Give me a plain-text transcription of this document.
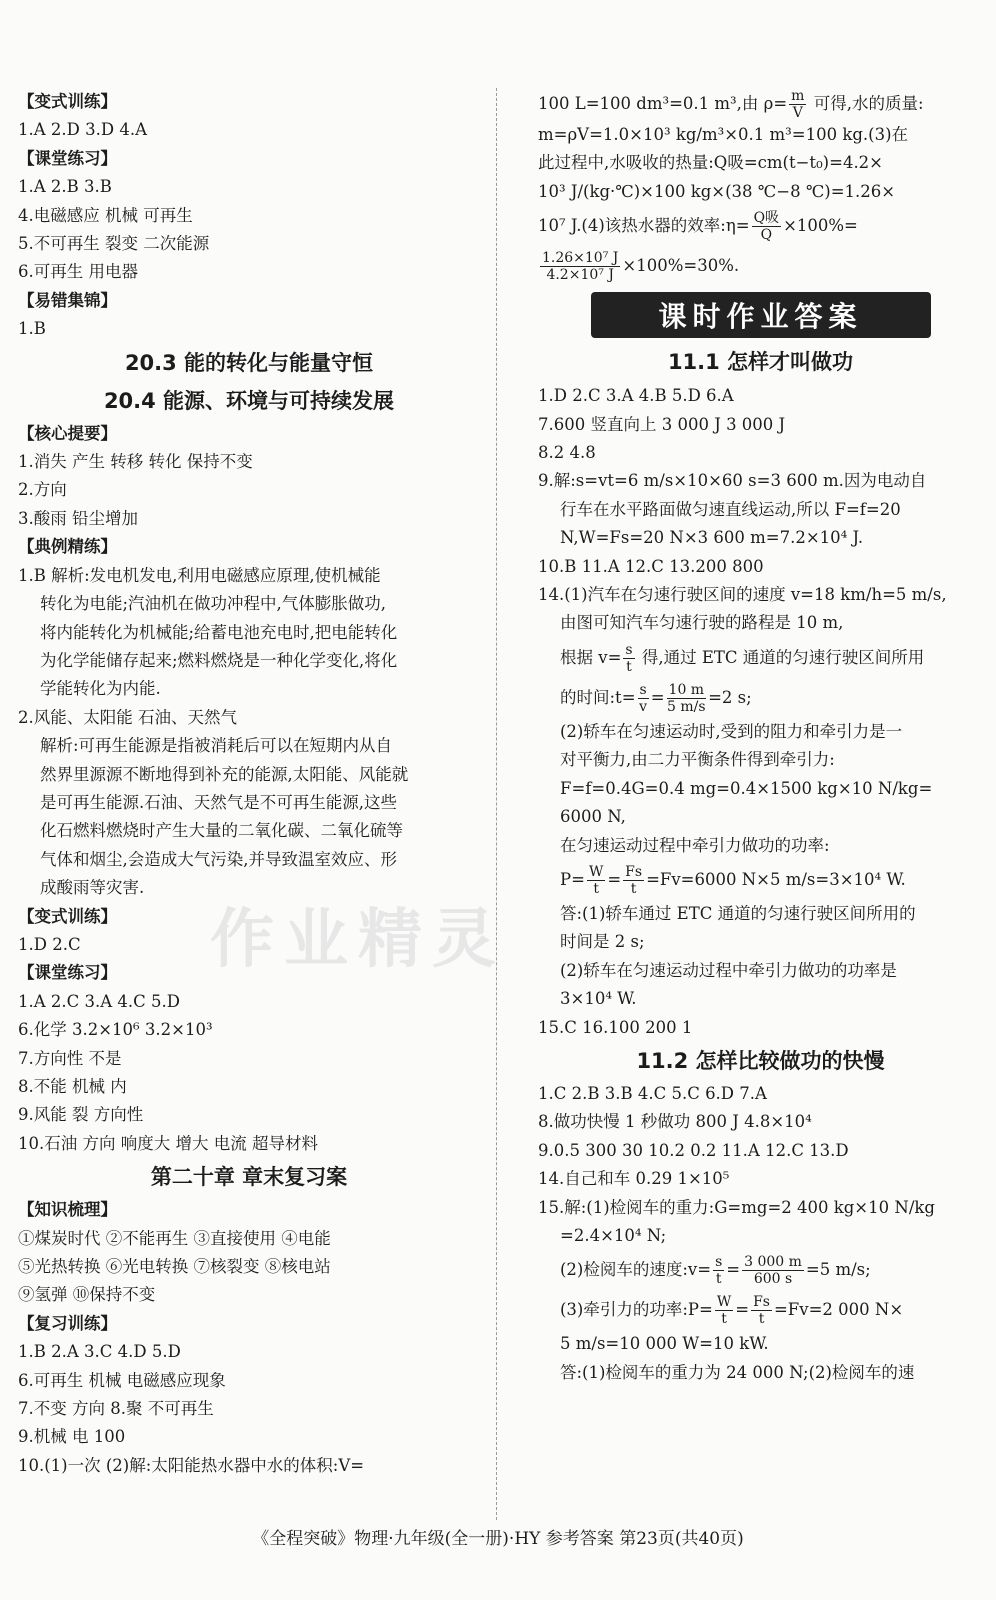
【变式训练】
1.A 2.D 3.D 4.A
【课堂练习】
1.A 2.B 3.B
4.电磁感应 机械 可再生
5.不可再生 裂变 二次能源
6.可再生 用电器
【易错集锦】
1.B
20.3 能的转化与能量守恒
20.4 能源、环境与可持续发展
【核心提要】
1.消失 产生 转移 转化 保持不变
2.方向
3.酸雨 铅尘增加
【典例精练】
1.B 解析:发电机发电,利用电磁感应原理,使机械能
转化为电能;汽油机在做功冲程中,气体膨胀做功,
将内能转化为机械能;给蓄电池充电时,把电能转化
为化学能储存起来;燃料燃烧是一种化学变化,将化
学能转化为内能.
2.风能、太阳能 石油、天然气
解析:可再生能源是指被消耗后可以在短期内从自
然界里源源不断地得到补充的能源,太阳能、风能就
是可再生能源.石油、天然气是不可再生能源,这些
化石燃料燃烧时产生大量的二氧化碳、二氧化硫等
气体和烟尘,会造成大气污染,并导致温室效应、形
成酸雨等灾害.
【变式训练】
1.D 2.C
【课堂练习】
1.A 2.C 3.A 4.C 5.D
6.化学 3.2×10⁶ 3.2×10³
7.方向性 不是
8.不能 机械 内
9.风能 裂 方向性
10.石油 方向 响度大 增大 电流 超导材料
第二十章 章末复习案
【知识梳理】
①煤炭时代 ②不能再生 ③直接使用 ④电能
⑤光热转换 ⑥光电转换 ⑦核裂变 ⑧核电站
⑨氢弹 ⑩保持不变
【复习训练】
1.B 2.A 3.C 4.D 5.D
6.可再生 机械 电磁感应现象
7.不变 方向 8.聚 不可再生
9.机械 电 100
10.(1)一次 (2)解:太阳能热水器中水的体积:V=
100 L=100 dm³=0.1 m³,由 $\rho= \frac{m}{V}$ 可得,水的质量:
m=ρV=1.0×10³ kg/m³×0.1 m³=100 kg.(3)在
此过程中,水吸收的热量:Q吸=cm(t−t₀)=4.2×
10³ J/(kg·℃)×100 kg×(38 ℃−8 ℃)=1.26×
10⁷ J.(4)该热水器的效率:η= $\frac{\text{Q吸}}{Q} \times 100\%=$
$\frac{\text{1.26×10⁷ J}}{\text{4.2×10⁷ J}} \times 100\%=30\%$.
课时作业答案
11.1 怎样才叫做功
1.D 2.C 3.A 4.B 5.D 6.A
7.600 竖直向上 3 000 J 3 000 J
8.2 4.8
9.解:s=vt=6 m/s×10×60 s=3 600 m.因为电动自
行车在水平路面做匀速直线运动,所以 F=f=20
N,W=Fs=20 N×3 600 m=7.2×10⁴ J.
10.B 11.A 12.C 13.200 800
14.(1)汽车在匀速行驶区间的速度 v=18 km/h=5 m/s,
由图可知汽车匀速行驶的路程是 10 m,
根据 $v= \frac{s}{t}$ 得,通过 ETC 通道的匀速行驶区间所用
的时间:t= $\frac{s}{v} = \frac{10 m}{5 m/s} =2$ s;
(2)轿车在匀速运动时,受到的阻力和牵引力是一
对平衡力,由二力平衡条件得到牵引力:
F=f=0.4G=0.4 mg=0.4×1500 kg×10 N/kg=
6000 N,
在匀速运动过程中牵引力做功的功率:
$P= \frac{W}{t} = \frac{Fs}{t} =Fv=6000$ N×5 m/s=3×10⁴ W.
答:(1)轿车通过 ETC 通道的匀速行驶区间所用的
时间是 2 s;
(2)轿车在匀速运动过程中牵引力做功的功率是
3×10⁴ W.
15.C 16.100 200 1
11.2 怎样比较做功的快慢
1.C 2.B 3.B 4.C 5.C 6.D 7.A
8.做功快慢 1 秒做功 800 J 4.8×10⁴
9.0.5 300 30 10.2 0.2 11.A 12.C 13.D
14.自己和车 0.29 1×10⁵
15.解:(1)检阅车的重力:G=mg=2 400 kg×10 N/kg
=2.4×10⁴ N;
(2)检阅车的速度:v= $\frac{s}{t} = \frac{3 000 m}{600 s} =5$ m/s;
(3)牵引力的功率:P= $\frac{W}{t} = \frac{Fs}{t} =Fv=2$ 000 N×
5 m/s=10 000 W=10 kW.
答:(1)检阅车的重力为 24 000 N;(2)检阅车的速
《全程突破》物理·九年级(全一册)·HY 参考答案 第23页(共40页)
作业精灵
